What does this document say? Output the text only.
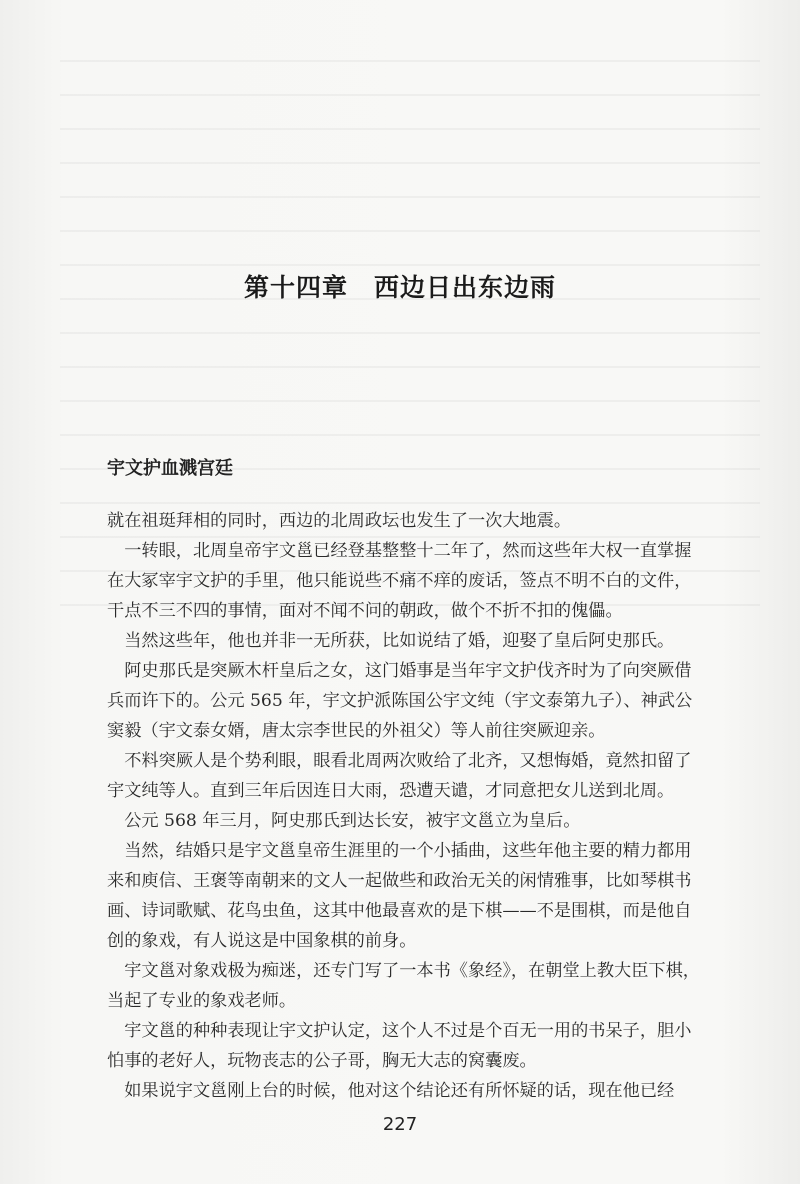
第十四章　西边日出东边雨
宇文护血溅宫廷

就在祖珽拜相的同时，西边的北周政坛也发生了一次大地震。

一转眼，北周皇帝宇文邕已经登基整整十二年了，然而这些年大权一直掌握在大冢宰宇文护的手里，他只能说些不痛不痒的废话，签点不明不白的文件，干点不三不四的事情，面对不闻不问的朝政，做个不折不扣的傀儡。

当然这些年，他也并非一无所获，比如说结了婚，迎娶了皇后阿史那氏。

阿史那氏是突厥木杆皇后之女，这门婚事是当年宇文护伐齐时为了向突厥借兵而许下的。公元 565 年，宇文护派陈国公宇文纯（宇文泰第九子）、神武公窦毅（宇文泰女婿，唐太宗李世民的外祖父）等人前往突厥迎亲。

不料突厥人是个势利眼，眼看北周两次败给了北齐，又想悔婚，竟然扣留了宇文纯等人。直到三年后因连日大雨，恐遭天谴，才同意把女儿送到北周。

公元 568 年三月，阿史那氏到达长安，被宇文邕立为皇后。

当然，结婚只是宇文邕皇帝生涯里的一个小插曲，这些年他主要的精力都用来和庾信、王褒等南朝来的文人一起做些和政治无关的闲情雅事，比如琴棋书画、诗词歌赋、花鸟虫鱼，这其中他最喜欢的是下棋——不是围棋，而是他自创的象戏，有人说这是中国象棋的前身。

宇文邕对象戏极为痴迷，还专门写了一本书《象经》，在朝堂上教大臣下棋，当起了专业的象戏老师。

宇文邕的种种表现让宇文护认定，这个人不过是个百无一用的书呆子，胆小怕事的老好人，玩物丧志的公子哥，胸无大志的窝囊废。

如果说宇文邕刚上台的时候，他对这个结论还有所怀疑的话，现在他已经

227
